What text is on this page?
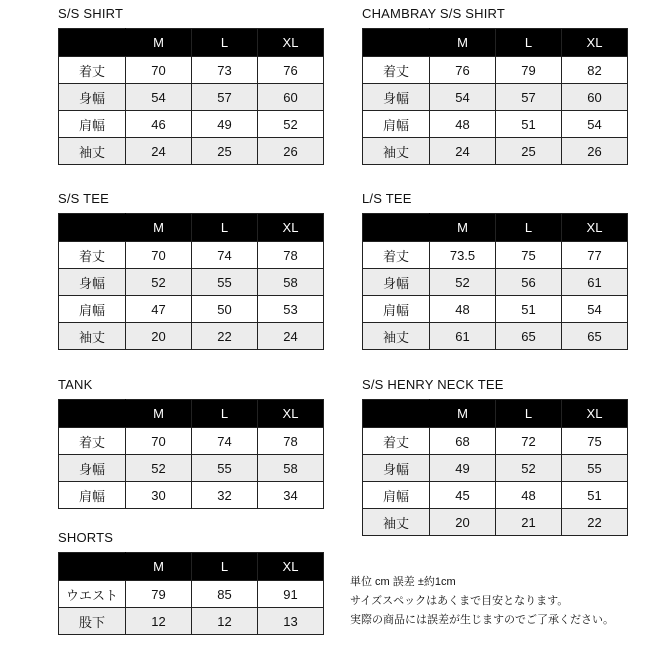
S/S SHIRT
	M	L	XL
着丈	70	73	76
身幅	54	57	60
肩幅	46	49	52
袖丈	24	25	26
CHAMBRAY S/S SHIRT
	M	L	XL
着丈	76	79	82
身幅	54	57	60
肩幅	48	51	54
袖丈	24	25	26
S/S TEE
	M	L	XL
着丈	70	74	78
身幅	52	55	58
肩幅	47	50	53
袖丈	20	22	24
L/S TEE
	M	L	XL
着丈	73.5	75	77
身幅	52	56	61
肩幅	48	51	54
袖丈	61	65	65
TANK
	M	L	XL
着丈	70	74	78
身幅	52	55	58
肩幅	30	32	34
S/S HENRY NECK TEE
	M	L	XL
着丈	68	72	75
身幅	49	52	55
肩幅	45	48	51
袖丈	20	21	22
SHORTS
	M	L	XL
ウエスト	79	85	91
股下	12	12	13
単位 cm 誤差 ±約1cm
サイズスペックはあくまで目安となります。
実際の商品には誤差が生じますのでご了承ください。
